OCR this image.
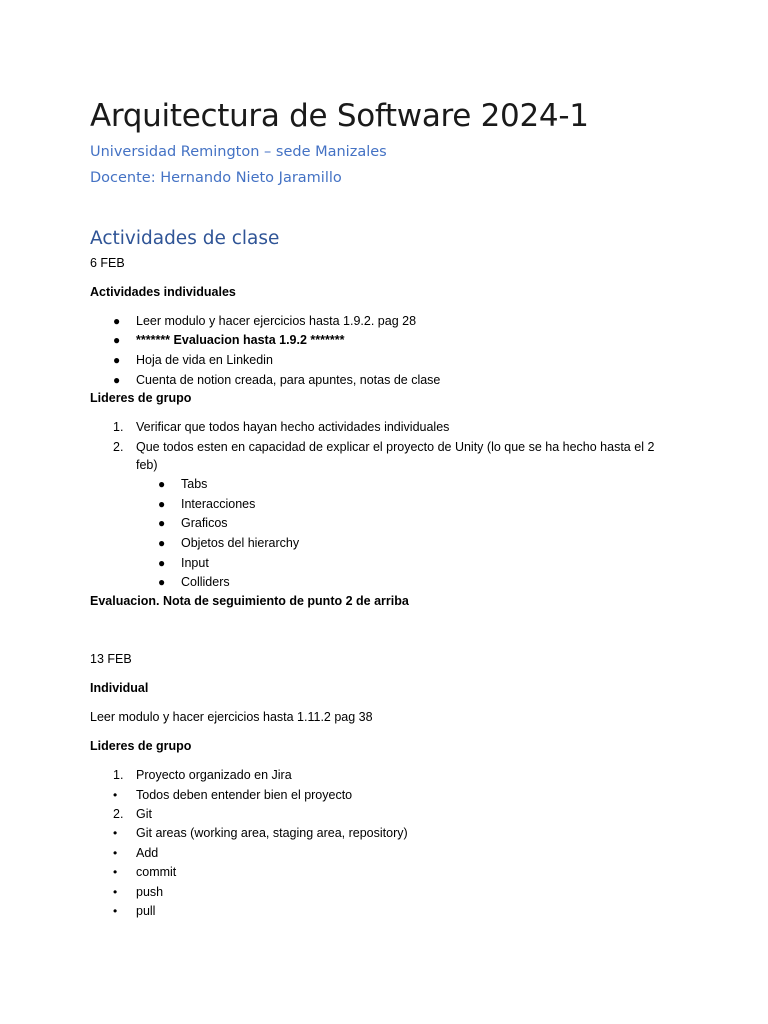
Arquitectura de Software 2024-1
Universidad Remington – sede Manizales
Docente: Hernando Nieto Jaramillo
Actividades de clase
6 FEB
Actividades individuales
● Leer modulo y hacer ejercicios hasta 1.9.2. pag 28
● ******* Evaluacion hasta 1.9.2 *******
● Hoja de vida en Linkedin
● Cuenta de notion creada, para apuntes, notas de clase
Lideres de grupo
1. Verificar que todos hayan hecho actividades individuales
2. Que todos esten en capacidad de explicar el proyecto de Unity (lo que se ha hecho hasta el 2 feb)
● Tabs
● Interacciones
● Graficos
● Objetos del hierarchy
● Input
● Colliders
Evaluacion. Nota de seguimiento de punto 2 de arriba
13 FEB
Individual
Leer modulo y hacer ejercicios hasta 1.11.2 pag 38
Lideres de grupo
1. Proyecto organizado en Jira
• Todos deben entender bien el proyecto
2. Git
• Git areas (working area, staging area, repository)
• Add
• commit
• push
• pull
